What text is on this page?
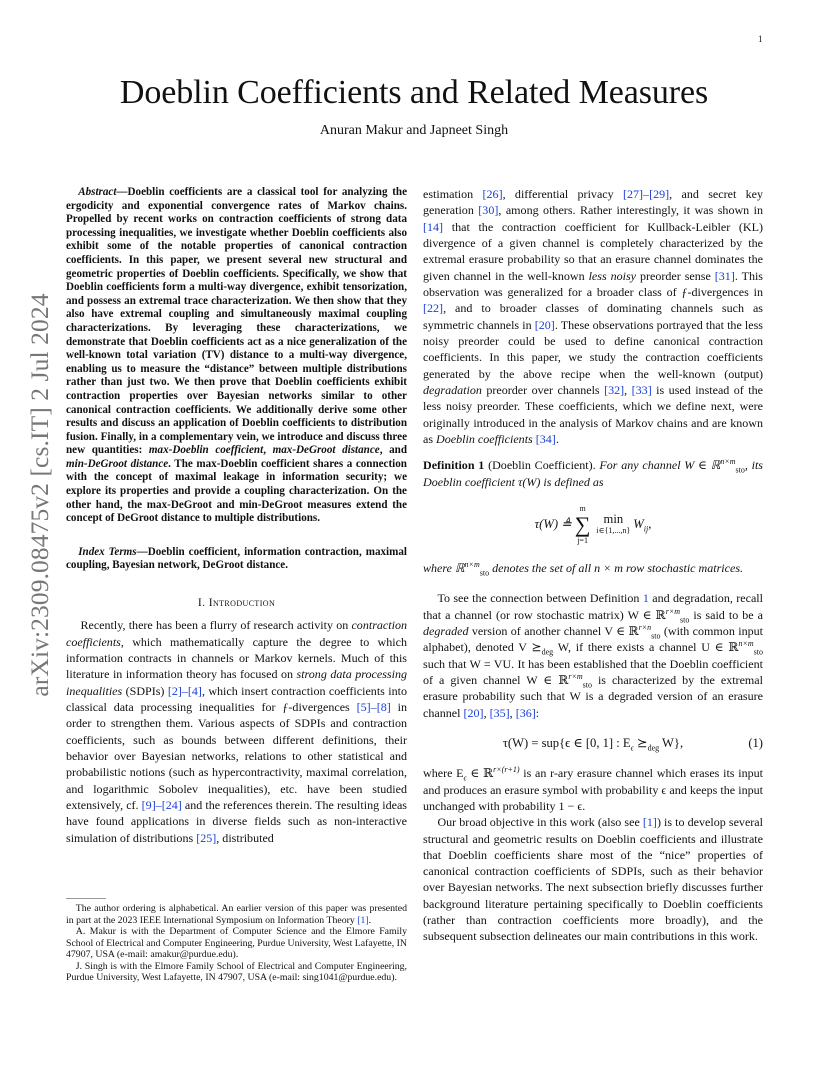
1
arXiv:2309.08475v2 [cs.IT] 2 Jul 2024
Doeblin Coefficients and Related Measures
Anuran Makur and Japneet Singh

Abstract—Doeblin coefficients are a classical tool for analyzing the ergodicity and exponential convergence rates of Markov chains. Propelled by recent works on contraction coefficients of strong data processing inequalities, we investigate whether Doeblin coefficients also exhibit some of the notable properties of canonical contraction coefficients. In this paper, we present several new structural and geometric properties of Doeblin coefficients. Specifically, we show that Doeblin coefficients form a multi-way divergence, exhibit tensorization, and possess an extremal trace characterization. We then show that they also have extremal coupling and simultaneously maximal coupling characterizations. By leveraging these characterizations, we demonstrate that Doeblin coefficients act as a nice generalization of the well-known total variation (TV) distance to a multi-way divergence, enabling us to measure the “distance” between multiple distributions rather than just two. We then prove that Doeblin coefficients exhibit contraction properties over Bayesian networks similar to other canonical contraction coefficients. We additionally derive some other results and discuss an application of Doeblin coefficients to distribution fusion. Finally, in a complementary vein, we introduce and discuss three new quantities: max-Doeblin coefficient, max-DeGroot distance, and min-DeGroot distance. The max-Doeblin coefficient shares a connection with the concept of maximal leakage in information security; we explore its properties and provide a coupling characterization. On the other hand, the max-DeGroot and min-DeGroot measures extend the concept of DeGroot distance to multiple distributions.

Index Terms—Doeblin coefficient, information contraction, maximal coupling, Bayesian network, DeGroot distance.

I. Introduction

Recently, there has been a flurry of research activity on contraction coefficients, which mathematically capture the degree to which information contracts in channels or Markov kernels. Much of this literature in information theory has focused on strong data processing inequalities (SDPIs) [2]–[4], which insert contraction coefficients into classical data processing inequalities for ƒ-divergences [5]–[8] in order to strengthen them. Various aspects of SDPIs and contraction coefficients, such as bounds between different definitions, their behavior over Bayesian networks, relations to other statistical and probabilistic notions (such as hypercontractivity, maximal correlation, and logarithmic Sobolev inequalities), etc. have been studied extensively, cf. [9]–[24] and the references therein. The resulting ideas have found applications in diverse fields such as non-interactive simulation of distributions [25], distributed

The author ordering is alphabetical. An earlier version of this paper was presented in part at the 2023 IEEE International Symposium on Information Theory [1].

A. Makur is with the Department of Computer Science and the Elmore Family School of Electrical and Computer Engineering, Purdue University, West Lafayette, IN 47907, USA (e-mail: amakur@purdue.edu).

J. Singh is with the Elmore Family School of Electrical and Computer Engineering, Purdue University, West Lafayette, IN 47907, USA (e-mail: sing1041@purdue.edu).

estimation [26], differential privacy [27]–[29], and secret key generation [30], among others. Rather interestingly, it was shown in [14] that the contraction coefficient for Kullback-Leibler (KL) divergence of a given channel is completely characterized by the extremal erasure probability so that an erasure channel dominates the given channel in the well-known less noisy preorder sense [31]. This observation was generalized for a broader class of ƒ-divergences in [22], and to broader classes of dominating channels such as symmetric channels in [20]. These observations portrayed that the less noisy preorder could be used to define canonical contraction coefficients. In this paper, we study the contraction coefficients generated by the above recipe when the well-known (output) degradation preorder over channels [32], [33] is used instead of the less noisy preorder. These coefficients, which we define next, were originally introduced in the analysis of Markov chains and are known as Doeblin coefficients [34].

Definition 1 (Doeblin Coefficient). For any channel W ∈ ℝ$^{n\times m}_{sto}$, its Doeblin coefficient τ(W) is defined as

τ(W) ≜
m
∑
j=1
min
i∈{1,...,n} $W_{ij}$,

where ℝ$^{n\times m}_{sto}$ denotes the set of all n × m row stochastic matrices.

To see the connection between Definition 1 and degradation, recall that a channel (or row stochastic matrix) W ∈ ℝ$^{r\times m}_{sto}$ is said to be a degraded version of another channel V ∈ ℝ$^{r\times n}_{sto}$ (with common input alphabet), denoted V $⪰_{deg}$ W, if there exists a channel U ∈ ℝ$^{n\times m}_{sto}$ such that W = VU. It has been established that the Doeblin coefficient of a given channel W ∈ ℝ$^{r\times m}_{sto}$ is characterized by the extremal erasure probability such that W is a degraded version of an erasure channel [20], [35], [36]:

τ(W) = sup{ϵ ∈ [0, 1] : $E_\epsilon$ $⪰_{deg}$ W},	(1)

where $E_\epsilon$ ∈ ℝ$^{r\times(r+1)}$ is an r-ary erasure channel which erases its input and produces an erasure symbol with probability ϵ and keeps the input unchanged with probability 1 − ϵ.

Our broad objective in this work (also see [1]) is to develop several structural and geometric results on Doeblin coefficients and illustrate that Doeblin coefficients share most of the “nice” properties of canonical contraction coefficients of SDPIs, such as their behavior over Bayesian networks. The next subsection briefly discusses further background literature pertaining specifically to Doeblin coefficients (rather than contraction coefficients more broadly), and the subsequent subsection delineates our main contributions in this work.
